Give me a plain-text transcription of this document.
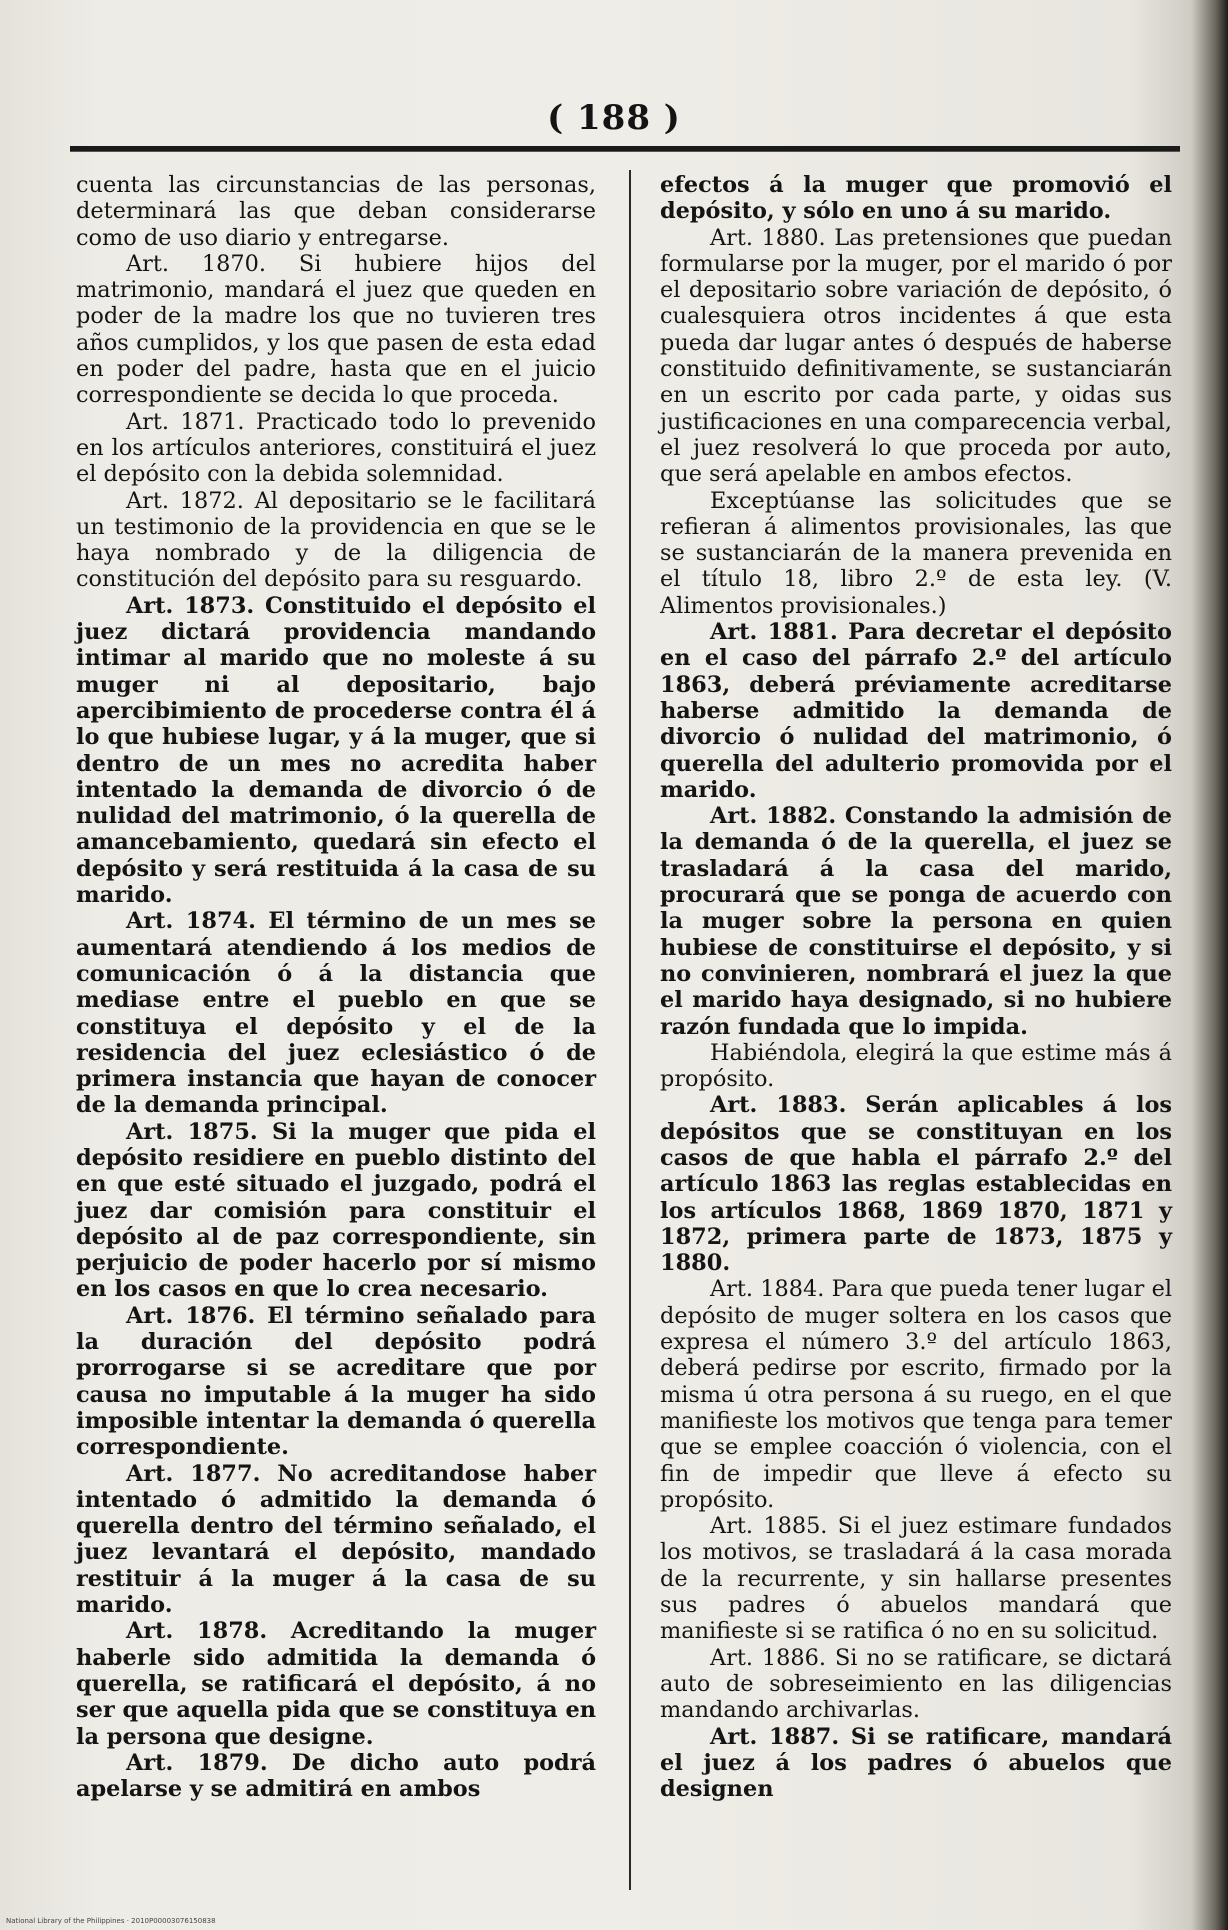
( 188 )

cuenta las circunstancias de las personas, determinará las que deban considerarse como de uso diario y entregarse.

Art. 1870. Si hubiere hijos del matrimonio, mandará el juez que queden en poder de la madre los que no tuvieren tres años cumplidos, y los que pasen de esta edad en poder del padre, hasta que en el juicio correspondiente se decida lo que proceda.

Art. 1871. Practicado todo lo prevenido en los artículos anteriores, constituirá el juez el depósito con la debida solemnidad.

Art. 1872. Al depositario se le facilitará un testimonio de la providencia en que se le haya nombrado y de la diligencia de constitución del depósito para su resguardo.

Art. 1873. Constituido el depósito el juez dictará providencia mandando intimar al marido que no moleste á su muger ni al depositario, bajo apercibimiento de procederse contra él á lo que hubiese lugar, y á la muger, que si dentro de un mes no acredita haber intentado la demanda de divorcio ó de nulidad del matrimonio, ó la querella de amancebamiento, quedará sin efecto el depósito y será restituida á la casa de su marido.

Art. 1874. El término de un mes se aumentará atendiendo á los medios de comunicación ó á la distancia que mediase entre el pueblo en que se constituya el depósito y el de la residencia del juez eclesiástico ó de primera instancia que hayan de conocer de la demanda principal.

Art. 1875. Si la muger que pida el depósito residiere en pueblo distinto del en que esté situado el juzgado, podrá el juez dar comisión para constituir el depósito al de paz correspondiente, sin perjuicio de poder hacerlo por sí mismo en los casos en que lo crea necesario.

Art. 1876. El término señalado para la duración del depósito podrá prorrogarse si se acreditare que por causa no imputable á la muger ha sido imposible intentar la demanda ó querella correspondiente.

Art. 1877. No acreditandose haber intentado ó admitido la demanda ó querella dentro del término señalado, el juez levantará el depósito, mandado restituir á la muger á la casa de su marido.

Art. 1878. Acreditando la muger haberle sido admitida la demanda ó querella, se ratificará el depósito, á no ser que aquella pida que se constituya en la persona que designe.

Art. 1879. De dicho auto podrá apelarse y se admitirá en ambos

efectos á la muger que promovió el depósito, y sólo en uno á su marido.

Art. 1880. Las pretensiones que puedan formularse por la muger, por el marido ó por el depositario sobre variación de depósito, ó cualesquiera otros incidentes á que esta pueda dar lugar antes ó después de haberse constituido definitivamente, se sustanciarán en un escrito por cada parte, y oidas sus justificaciones en una comparecencia verbal, el juez resolverá lo que proceda por auto, que será apelable en ambos efectos.

Exceptúanse las solicitudes que se refieran á alimentos provisionales, las que se sustanciarán de la manera prevenida en el título 18, libro 2.º de esta ley. (V. Alimentos provisionales.)

Art. 1881. Para decretar el depósito en el caso del párrafo 2.º del artículo 1863, deberá préviamente acreditarse haberse admitido la demanda de divorcio ó nulidad del matrimonio, ó querella del adulterio promovida por el marido.

Art. 1882. Constando la admisión de la demanda ó de la querella, el juez se trasladará á la casa del marido, procurará que se ponga de acuerdo con la muger sobre la persona en quien hubiese de constituirse el depósito, y si no convinieren, nombrará el juez la que el marido haya designado, si no hubiere razón fundada que lo impida.

Habiéndola, elegirá la que estime más á propósito.

Art. 1883. Serán aplicables á los depósitos que se constituyan en los casos de que habla el párrafo 2.º del artículo 1863 las reglas establecidas en los artículos 1868, 1869 1870, 1871 y 1872, primera parte de 1873, 1875 y 1880.

Art. 1884. Para que pueda tener lugar el depósito de muger soltera en los casos que expresa el número 3.º del artículo 1863, deberá pedirse por escrito, firmado por la misma ú otra persona á su ruego, en el que manifieste los motivos que tenga para temer que se emplee coacción ó violencia, con el fin de impedir que lleve á efecto su propósito.

Art. 1885. Si el juez estimare fundados los motivos, se trasladará á la casa morada de la recurrente, y sin hallarse presentes sus padres ó abuelos mandará que manifieste si se ratifica ó no en su solicitud.

Art. 1886. Si no se ratificare, se dictará auto de sobreseimiento en las diligencias mandando archivarlas.

Art. 1887. Si se ratificare, mandará el juez á los padres ó abuelos que designen

National Library of the Philippines · 2010P00003076150838
